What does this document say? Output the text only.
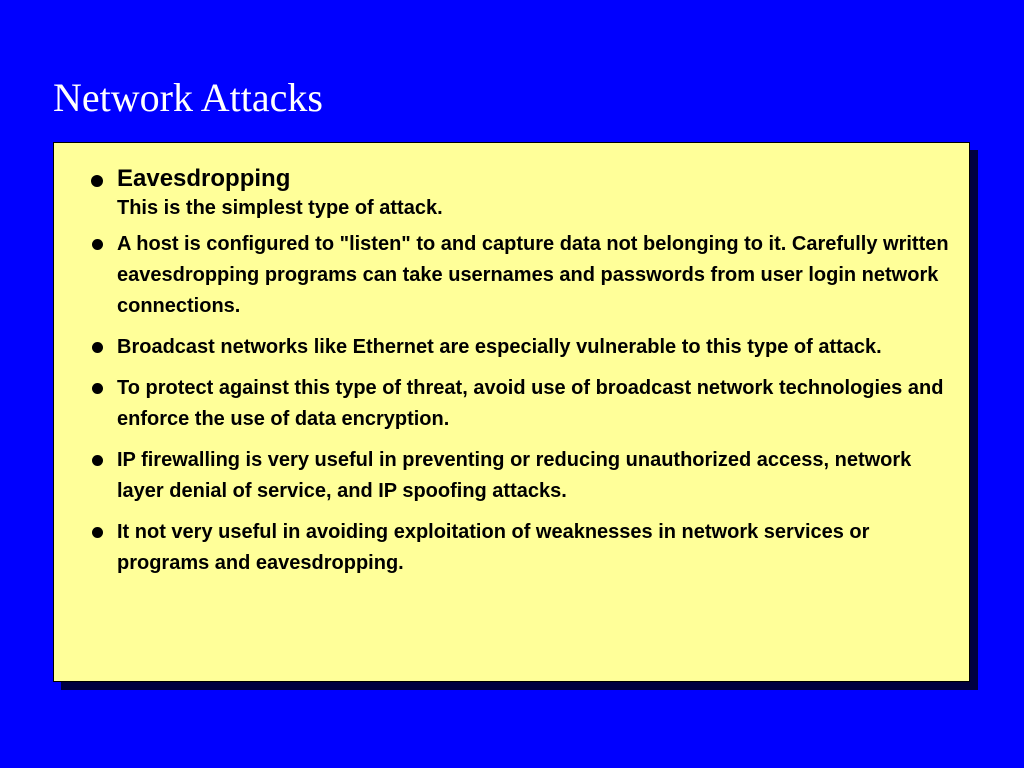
Network Attacks
Eavesdropping
This is the simplest type of attack.
A host is configured to "listen" to and capture data not belonging to it. Carefully written eavesdropping programs can take usernames and passwords from user login network connections.
Broadcast networks like Ethernet are especially vulnerable to this type of attack.
To protect against this type of threat, avoid use of broadcast network technologies and enforce the use of data encryption.
IP firewalling is very useful in preventing or reducing unauthorized access, network layer denial of service, and IP spoofing attacks.
It not very useful in avoiding exploitation of weaknesses in network services or programs and eavesdropping.
